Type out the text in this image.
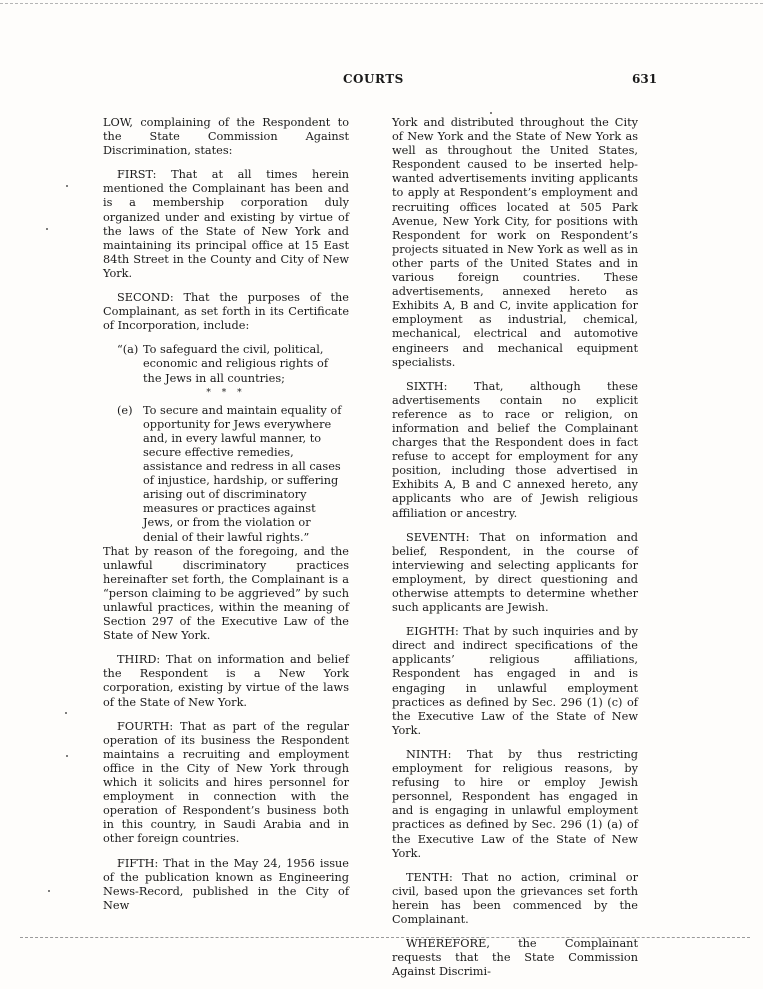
COURTS	631

LOW, complaining of the Respondent to the State Commission Against Discrimination, states:

FIRST: That at all times herein mentioned the Complainant has been and is a membership corporation duly organized under and existing by virtue of the laws of the State of New York and maintaining its principal office at 15 East 84th Street in the County and City of New York.

SECOND: That the purposes of the Complainant, as set forth in its Certificate of Incorporation, include:

“(a) To safeguard the civil, political, economic and religious rights of the Jews in all countries;
* * *
(e) To secure and maintain equality of opportunity for Jews everywhere and, in every lawful manner, to secure effective remedies, assistance and redress in all cases of injustice, hardship, or suffering arising out of discriminatory measures or practices against Jews, or from the violation or denial of their lawful rights.”

That by reason of the foregoing, and the unlawful discriminatory practices hereinafter set forth, the Complainant is a “person claiming to be aggrieved” by such unlawful practices, within the meaning of Section 297 of the Executive Law of the State of New York.

THIRD: That on information and belief the Respondent is a New York corporation, existing by virtue of the laws of the State of New York.

FOURTH: That as part of the regular operation of its business the Respondent maintains a recruiting and employment office in the City of New York through which it solicits and hires personnel for employment in connection with the operation of Respondent’s business both in this country, in Saudi Arabia and in other foreign countries.

FIFTH: That in the May 24, 1956 issue of the publication known as Engineering News-Record, published in the City of New

York and distributed throughout the City of New York and the State of New York as well as throughout the United States, Respondent caused to be inserted help-wanted advertisements inviting applicants to apply at Respondent’s employment and recruiting offices located at 505 Park Avenue, New York City, for positions with Respondent for work on Respondent’s projects situated in New York as well as in other parts of the United States and in various foreign countries. These advertisements, annexed hereto as Exhibits A, B and C, invite application for employment as industrial, chemical, mechanical, electrical and automotive engineers and mechanical equipment specialists.

SIXTH: That, although these advertisements contain no explicit reference as to race or religion, on information and belief the Complainant charges that the Respondent does in fact refuse to accept for employment for any position, including those advertised in Exhibits A, B and C annexed hereto, any applicants who are of Jewish religious affiliation or ancestry.

SEVENTH: That on information and belief, Respondent, in the course of interviewing and selecting applicants for employment, by direct questioning and otherwise attempts to determine whether such applicants are Jewish.

EIGHTH: That by such inquiries and by direct and indirect specifications of the applicants’ religious affiliations, Respondent has engaged in and is engaging in unlawful employment practices as defined by Sec. 296 (1) (c) of the Executive Law of the State of New York.

NINTH: That by thus restricting employment for religious reasons, by refusing to hire or employ Jewish personnel, Respondent has engaged in and is engaging in unlawful employment practices as defined by Sec. 296 (1) (a) of the Executive Law of the State of New York.

TENTH: That no action, criminal or civil, based upon the grievances set forth herein has been commenced by the Complainant.

WHEREFORE, the Complainant requests that the State Commission Against Discrimi-
